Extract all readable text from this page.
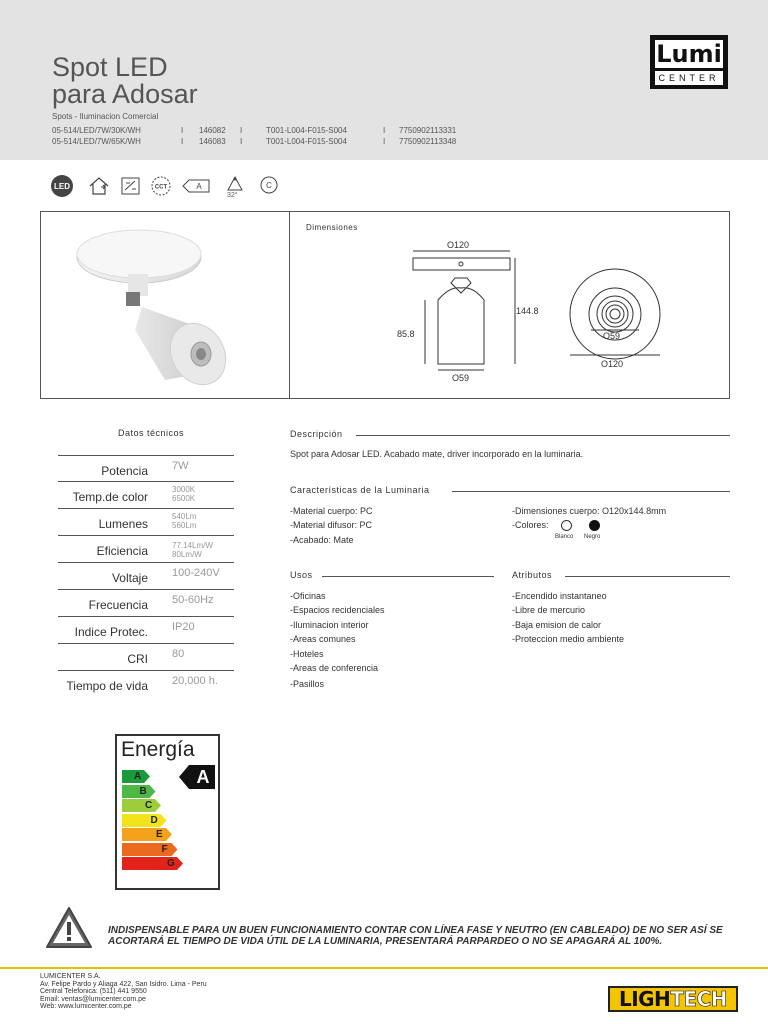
Spot LED
para Adosar
Spots - Iluminacion Comercial
05-514/LED/7W/30K/WH	I 146082 I	T001-L004-F015-S004	I 7750902113331
05-514/LED/7W/65K/WH	I 146083 I	T001-L004-F015-S004	I 7750902113348
Lumi
CENTER
LED	CCT	A
32°
C
Dimensiones
O120
144.8
85.8
O59
O59
O120
Datos técnicos
Potencia 7W
Temp.de color
3000K
6500K
Lumenes
540Lm
560Lm
Eficiencia	77.14Lm/W
80Lm/W
Voltaje 100-240V
Frecuencia 50-60Hz
Indice Protec. IP20
CRI 80
Tiempo de vida 20,000 h.
Descripción
Spot para Adosar LED. Acabado mate, driver incorporado en la luminaria.
Características de la Luminaria
-Material cuerpo: PC
-Material difusor: PC
-Acabado: Mate
-Dimensiones cuerpo: O120x144.8mm
-Colores:
Blanco Negro
Usos
-Oficinas
-Espacios recidenciales
-Iluminacion interior
-Areas comunes
-Hoteles
-Areas de conferencia
-Pasillos
Atributos
-Encendido instantaneo
-Libre de mercurio
-Baja emision de calor
-Proteccion medio ambiente
Energía
A
B
C
D
E
F
G
A
INDISPENSABLE PARA UN BUEN FUNCIONAMIENTO CONTAR CON LÍNEA FASE Y NEUTRO (EN CABLEADO) DE NO SER ASÍ SE
ACORTARÁ EL TIEMPO DE VIDA ÚTIL DE LA LUMINARIA, PRESENTARÁ PARPARDEO O NO SE APAGARÁ AL 100%.
LUMICENTER S.A.
Av. Felipe Pardo y Aliaga 422, San Isidro. Lima - Peru
Central Telefonica: (511) 441 9550
Email: ventas@lumicenter.com.pe
Web: www.lumicenter.com.pe	LIGHTECH
